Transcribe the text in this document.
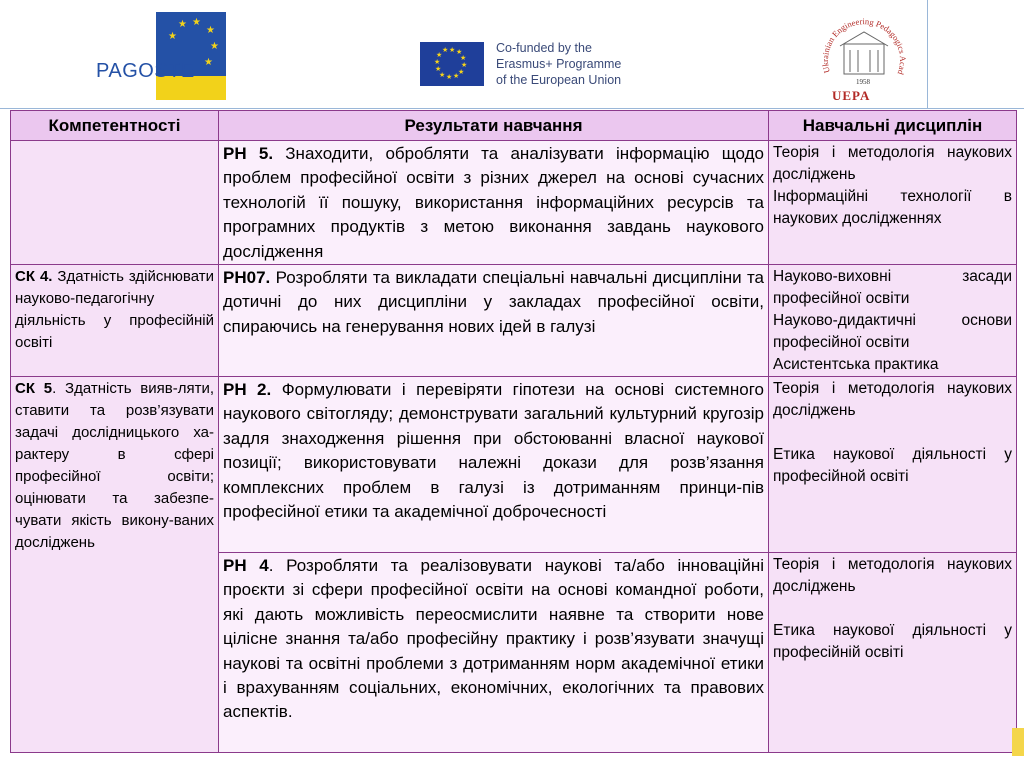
★ ★
★
★
★
★
PAGOSTE
★ ★
★
★
★
★
★
★
★
★
★
★	Co-funded by the
Erasmus+ Programme
of the European Union
Ukrainian Engineering Pedagogics Acad
1958
UEPA
Компетентності	Результати навчання	Навчальні дисциплін
	РН 5. Знаходити, обробляти та аналізувати інформацію щодо проблем професійної освіти з різних джерел на основі сучасних технологій її пошуку, використання інформаційних ресурсів та програмних продуктів з метою виконання завдань наукового дослідження	Теорія і методологія наукових досліджень

Інформаційні технології в наукових дослідженнях

СК 4. Здатність здійснювати науково-педагогічну діяльність у професійній освіті	РН07. Розробляти та викладати спеціальні навчальні дисципліни та дотичні до них дисципліни у закладах професійної освіти, спираючись на генерування нових ідей в галузі	Науково-виховні засади професійної освіти

Науково-дидактичні основи професійної освіти

Асистентська практика

СК 5. Здатність вияв-ляти, ставити та розв’язувати задачі дослідницького ха-рактеру в сфері професійної освіти; оцінювати та забезпе-чувати якість викону-ваних досліджень	РН 2. Формулювати і перевіряти гіпотези на основі системного наукового світогляду; демонструвати загальний культурний кругозір задля знаходження рішення при обстоюванні власної наукової позиції; використовувати належні докази для розв’язання комплексних проблем в галузі із дотриманням принци-пів професійної етики та академічної доброчесності	Теорія і методологія наукових досліджень

Етика наукової діяльності у професійной освіті

	РН 4. Розробляти та реалізовувати наукові та/або інноваційні проєкти зі сфери професійної освіти на основі командної роботи, які дають можливість переосмислити наявне та створити нове цілісне знання та/або професійну практику і розв’язувати значущі наукові та освітні проблеми з дотриманням норм академічної етики і врахуванням соціальних, економічних, екологічних та правових аспектів.	Теорія і методологія наукових досліджень

Етика наукової діяльності у професійній освіті
